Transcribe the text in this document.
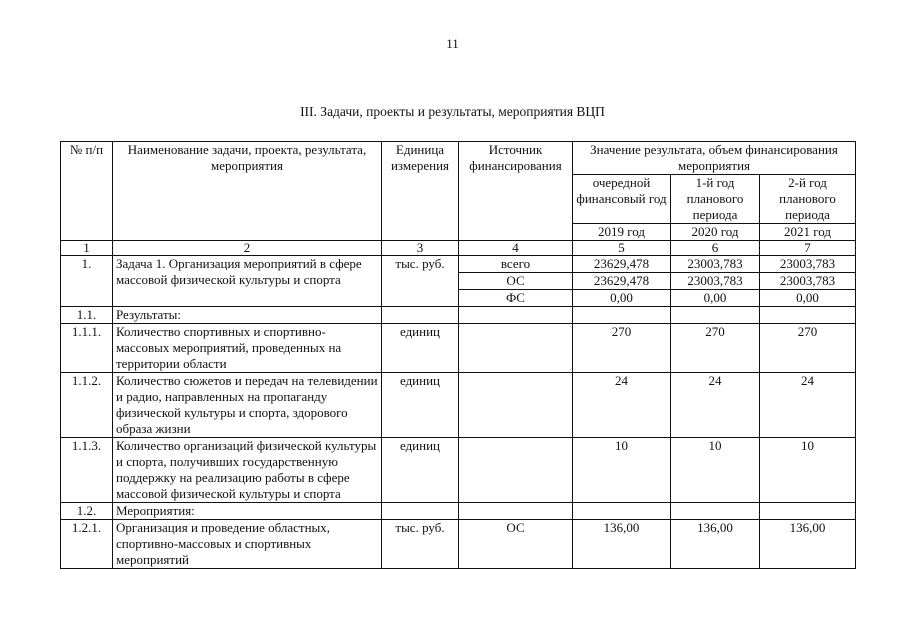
11
III. Задачи, проекты и результаты, мероприятия ВЦП
№ п/п	Наименование задачи, проекта, результата, мероприятия	Единица измерения	Источник финансирования	Значение результата, объем финансирования мероприятия		
				очередной финансовый год	1-й год планового периода	2-й год планового периода
				2019 год	2020 год	2021 год
1	2	3	4	5	6	7
1.	Задача 1. Организация мероприятий в сфере массовой физической культуры и спорта	тыс. руб.	всего	23629,478	23003,783	23003,783
			ОС	23629,478	23003,783	23003,783
			ФС	0,00	0,00	0,00
1.1.	Результаты:					
1.1.1.	Количество спортивных и спортивно-массовых мероприятий, проведенных на территории области	единиц		270	270	270
1.1.2.	Количество сюжетов и передач на телевидении и радио, направленных на пропаганду физической культуры и спорта, здорового образа жизни	единиц		24	24	24
1.1.3.	Количество организаций физической культуры и спорта, получивших государственную поддержку на реализацию работы в сфере массовой физической культуры и спорта	единиц		10	10	10
1.2.	Мероприятия:					
1.2.1.	Организация и проведение областных, спортивно-массовых и спортивных мероприятий	тыс. руб.	ОС	136,00	136,00	136,00
